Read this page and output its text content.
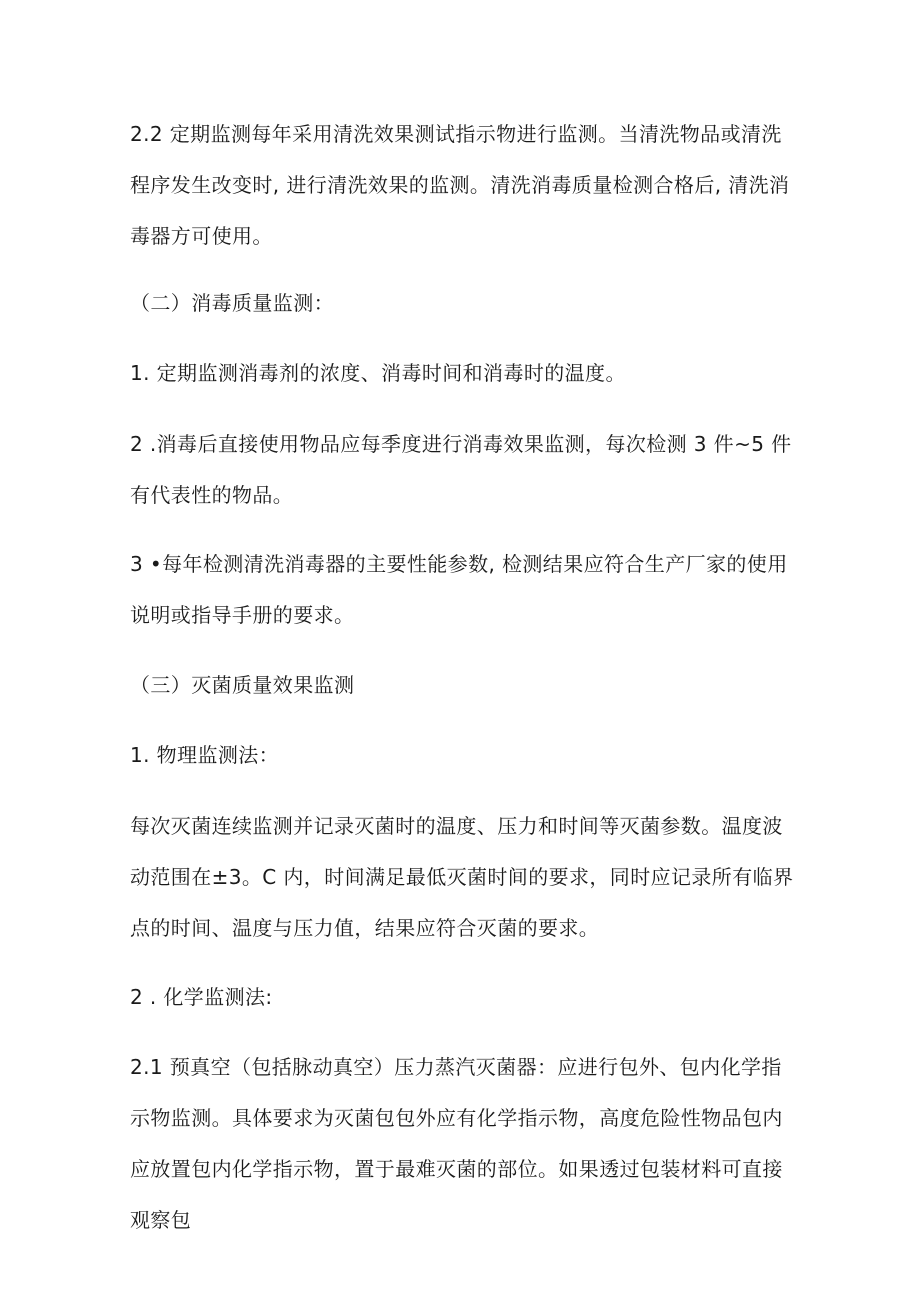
2.2 定期监测每年采用清洗效果测试指示物进行监测。当清洗物品或清洗程序发生改变时, 进行清洗效果的监测。清洗消毒质量检测合格后, 清洗消毒器方可使用。

（二）消毒质量监测：

1. 定期监测消毒剂的浓度、消毒时间和消毒时的温度。

2 .消毒后直接使用物品应每季度进行消毒效果监测，每次检测 3 件~5 件有代表性的物品。

3 •每年检测清洗消毒器的主要性能参数, 检测结果应符合生产厂家的使用说明或指导手册的要求。

（三）灭菌质量效果监测

1. 物理监测法：

每次灭菌连续监测并记录灭菌时的温度、压力和时间等灭菌参数。温度波动范围在±3。C 内，时间满足最低灭菌时间的要求，同时应记录所有临界点的时间、温度与压力值，结果应符合灭菌的要求。

2 . 化学监测法:

2.1 预真空（包括脉动真空）压力蒸汽灭菌器：应进行包外、包内化学指示物监测。具体要求为灭菌包包外应有化学指示物，高度危险性物品包内应放置包内化学指示物，置于最难灭菌的部位。如果透过包装材料可直接观察包
